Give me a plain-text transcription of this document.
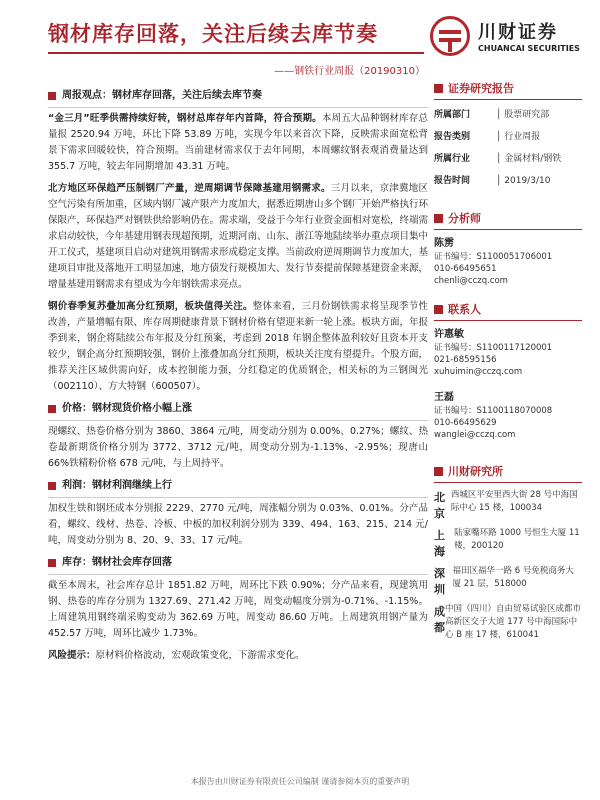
钢材库存回落，关注后续去库节奏	川财证券
CHUANCAI SECURITIES
——钢铁行业周报（20190310）
周报观点：钢材库存回落，关注后续去库节奏

“金三月”旺季供需持续好转，钢材总库存年内首降，符合预期。本周五大品种钢材库存总量报 2520.94 万吨，环比下降 53.89 万吨，实现今年以来首次下降，反映需求面宽松背景下需求回暖较快，符合预期。当前建材需求仅于去年同期，本周螺纹钢表观消费量达到 355.7 万吨，较去年同期增加 43.31 万吨。

北方地区环保趋严压制钢厂产量，逆周期调节保障基建用钢需求。三月以来，京津冀地区空气污染有所加重，区域内钢厂减产限产力度加大，据悉近期唐山多个钢厂开始严格执行环保限产，环保趋严对钢铁供给影响仍在。需求端，受益于今年行业资金面相对宽松，终端需求启动较快，今年基建用钢表现超预期，近期河南、山东、浙江等地陆续举办重点项目集中开工仪式，基建项目启动对建筑用钢需求形成稳定支撑。当前政府逆周期调节力度加大，基建项目审批及落地开工明显加速，地方债发行规模加大、发行节奏提前保障基建资金来源，增量基建用钢需求有望成为今年钢铁需求亮点。

钢价春季复苏叠加高分红预期，板块值得关注。整体来看，三月份钢铁需求将呈现季节性改善，产量增幅有限、库存周期健康背景下钢材价格有望迎来新一轮上涨。板块方面，年报季到来，钢企将陆续公布年报及分红预案，考虑到 2018 年钢企整体盈利较好且资本开支较少，钢企高分红预期较强，钢价上涨叠加高分红预期，板块关注度有望提升。个股方面，推荐关注区域供需向好，成本控制能力强，分红稳定的优质钢企，相关标的为三钢闽光（002110）、方大特钢（600507）。

价格：钢材现货价格小幅上涨

现螺纹、热卷价格分别为 3860、3864 元/吨，周变动分别为 0.00%、0.27%；螺纹、热卷最新期货价格分别为 3772、3712 元/吨，周变动分别为-1.13%、-2.95%；现唐山 66%铁精粉价格 678 元/吨，与上周持平。

利润：钢材利润继续上行

加权生铁和钢坯成本分别报 2229、2770 元/吨，周涨幅分别为 0.03%、0.01%。分产品看，螺纹、线材、热卷、冷板、中板的加权利润分别为 339、494、163、215、214 元/吨，周变动分别为 8、20、9、33、17 元/吨。

库存：钢材社会库存回落

截至本周末，社会库存总计 1851.82 万吨，周环比下跌 0.90%；分产品来看，现建筑用钢、热卷的库存分别为 1327.69、271.42 万吨，周变动幅度分别为-0.71%、-1.15%。上周建筑用钢终端采购变动为 362.69 万吨，周变动 86.60 万吨。上周建筑用钢产量为 452.57 万吨，周环比减少 1.73%。

风险提示：原材料价格波动，宏观政策变化，下游需求变化。

证券研究报告
所属部门	│ 股票研究部
报告类别	│ 行业周报
所属行业	│ 金属材料/钢铁
报告时间	│ 2019/3/10
分析师
陈雳
证书编号：S1100051706001
010-66495651
chenli@cczq.com
联系人
许惠敏
证书编号：S1100117120001
021-68595156
xuhuimin@cczq.com
王磊
证书编号：S1100118070008
010-66495629
wanglei@cczq.com
川财研究所
北京
西城区平安里西大街 28 号中海国际中心 15 楼，100034
上海
陆家嘴环路 1000 号恒生大厦 11 楼，200120
深圳
福田区福华一路 6 号免税商务大厦 21 层，518000
成都
中国（四川）自由贸易试验区成都市高新区交子大道 177 号中海国际中心 B 座 17 楼，610041
本报告由川财证券有限责任公司编制 谨请参阅本页的重要声明
